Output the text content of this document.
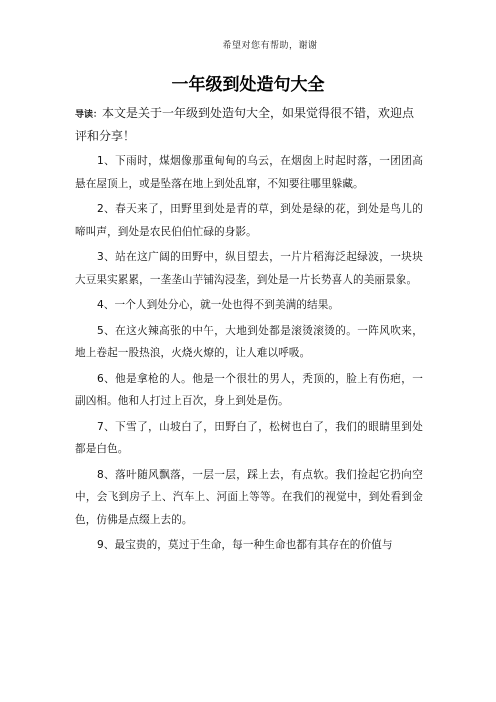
希望对您有帮助，谢谢
一年级到处造句大全

导读：本文是关于一年级到处造句大全，如果觉得很不错，欢迎点评和分享！

1、下雨时，煤烟像那重甸甸的乌云，在烟囱上时起时落，一团团高悬在屋顶上，或是坠落在地上到处乱窜，不知要往哪里躲藏。

2、春天来了，田野里到处是青的草，到处是绿的花，到处是鸟儿的啼叫声，到处是农民伯伯忙碌的身影。

3、站在这广阔的田野中，纵目望去，一片片稻海泛起绿波，一块块大豆果实累累，一垄垄山芋铺沟浸垄，到处是一片长势喜人的美丽景象。

4、一个人到处分心，就一处也得不到美满的结果。

5、在这火辣高张的中午，大地到处都是滚烫滚烫的。一阵风吹来，地上卷起一股热浪，火烧火燎的，让人难以呼吸。

6、他是拿枪的人。他是一个很壮的男人，秃顶的，脸上有伤疤，一副凶相。他和人打过上百次，身上到处是伤。

7、下雪了，山坡白了，田野白了，松树也白了，我们的眼睛里到处都是白色。

8、落叶随风飘落，一层一层，踩上去，有点软。我们捡起它扔向空中，会飞到房子上、汽车上、河面上等等。在我们的视觉中，到处看到金色，仿佛是点缀上去的。

9、最宝贵的，莫过于生命，每一种生命也都有其存在的价值与
